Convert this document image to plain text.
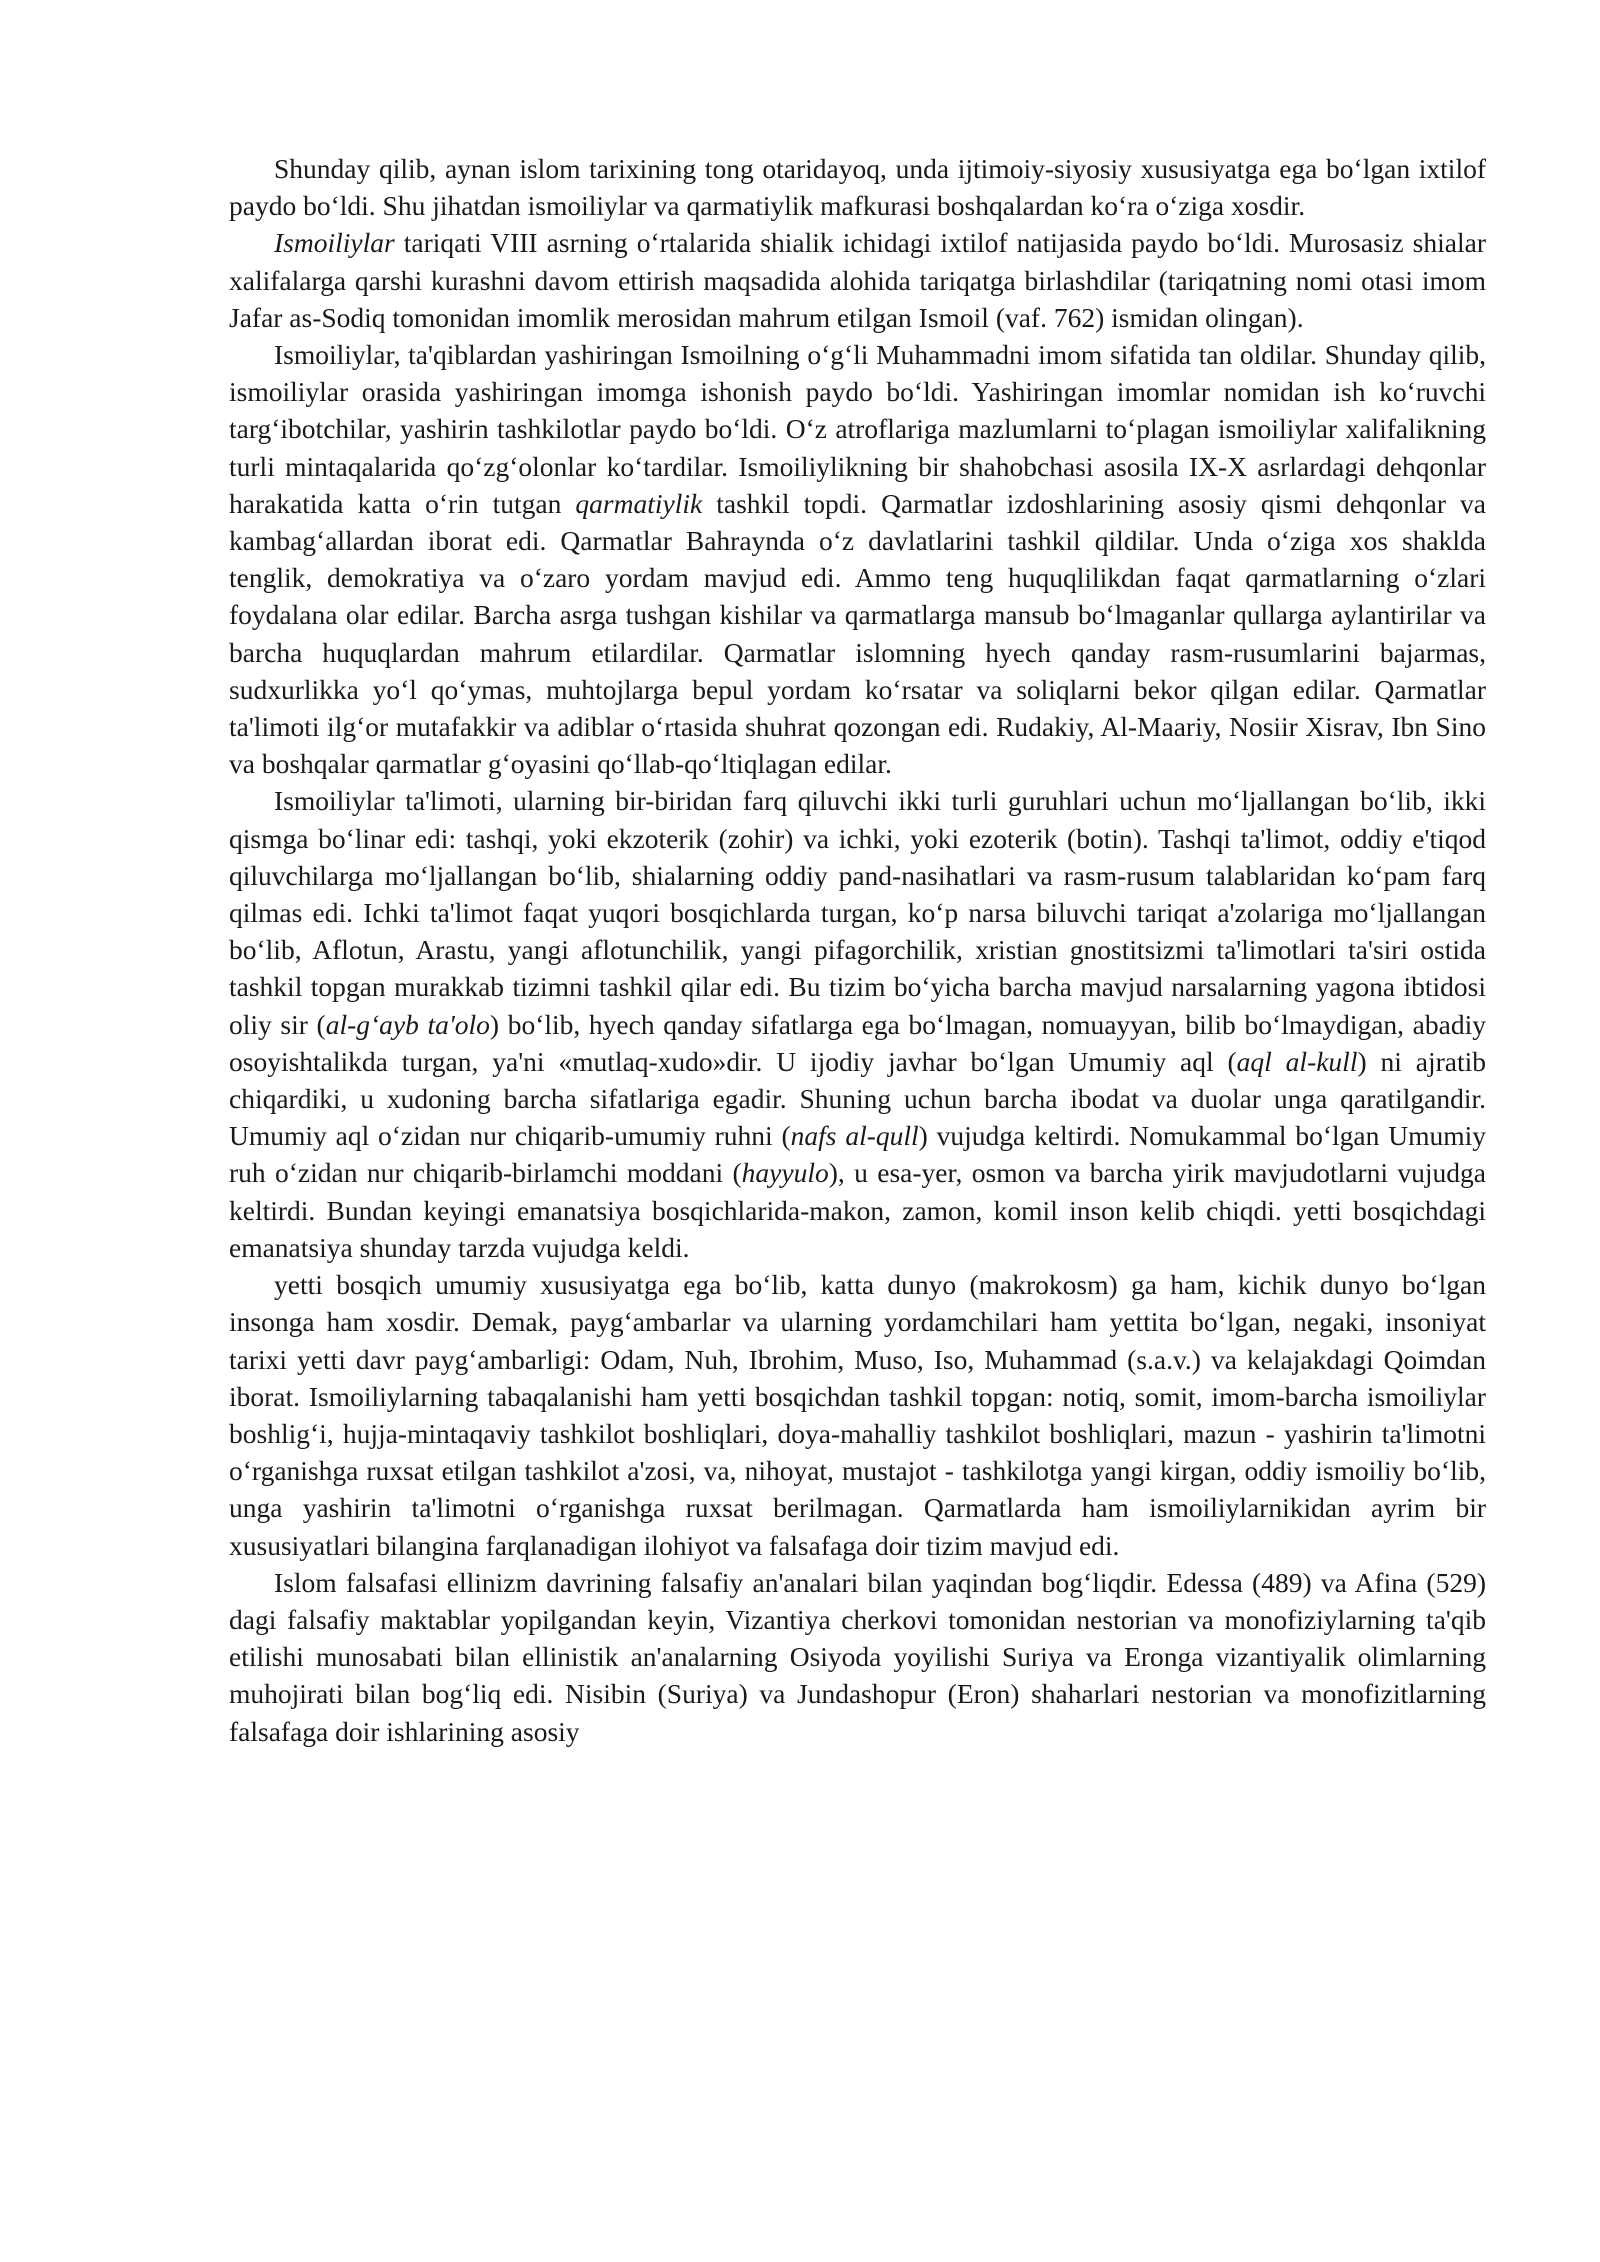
Shunday qilib, aynan islom tarixining tong otaridayoq, unda ijtimoiy-siyosiy xususiyatga ega bo‘lgan ixtilof paydo bo‘ldi. Shu jihatdan ismoiliylar va qarmatiylik mafkurasi boshqalardan ko‘ra o‘ziga xosdir.

Ismoiliylar tariqati VIII asrning o‘rtalarida shialik ichidagi ixtilof natijasida paydo bo‘ldi. Murosasiz shialar xalifalarga qarshi kurashni davom ettirish maqsadida alohida tariqatga birlashdilar (tariqatning nomi otasi imom Jafar as-Sodiq tomonidan imomlik merosidan mahrum etilgan Ismoil (vaf. 762) ismidan olingan).

Ismoiliylar, ta'qiblardan yashiringan Ismoilning o‘g‘li Muhammadni imom sifatida tan oldilar. Shunday qilib, ismoiliylar orasida yashiringan imomga ishonish paydo bo‘ldi. Yashiringan imomlar nomidan ish ko‘ruvchi targ‘ibotchilar, yashirin tashkilotlar paydo bo‘ldi. O‘z atroflariga mazlumlarni to‘plagan ismoiliylar xalifalikning turli mintaqalarida qo‘zg‘olonlar ko‘tardilar. Ismoiliylikning bir shahobchasi asosila IX-X asrlardagi dehqonlar harakatida katta o‘rin tutgan qarmatiylik tashkil topdi. Qarmatlar izdoshlarining asosiy qismi dehqonlar va kambag‘allardan iborat edi. Qarmatlar Bahraynda o‘z davlatlarini tashkil qildilar. Unda o‘ziga xos shaklda tenglik, demokratiya va o‘zaro yordam mavjud edi. Ammo teng huquqlilikdan faqat qarmatlarning o‘zlari foydalana olar edilar. Barcha asrga tushgan kishilar va qarmatlarga mansub bo‘lmaganlar qullarga aylantirilar va barcha huquqlardan mahrum etilardilar. Qarmatlar islomning hyech qanday rasm-rusumlarini bajarmas, sudxurlikka yo‘l qo‘ymas, muhtojlarga bepul yordam ko‘rsatar va soliqlarni bekor qilgan edilar. Qarmatlar ta'limoti ilg‘or mutafakkir va adiblar o‘rtasida shuhrat qozongan edi. Rudakiy, Al-Maariy, Nosiir Xisrav, Ibn Sino va boshqalar qarmatlar g‘oyasini qo‘llab-qo‘ltiqlagan edilar.

Ismoiliylar ta'limoti, ularning bir-biridan farq qiluvchi ikki turli guruhlari uchun mo‘ljallangan bo‘lib, ikki qismga bo‘linar edi: tashqi, yoki ekzoterik (zohir) va ichki, yoki ezoterik (botin). Tashqi ta'limot, oddiy e'tiqod qiluvchilarga mo‘ljallangan bo‘lib, shialarning oddiy pand-nasihatlari va rasm-rusum talablaridan ko‘pam farq qilmas edi. Ichki ta'limot faqat yuqori bosqichlarda turgan, ko‘p narsa biluvchi tariqat a'zolariga mo‘ljallangan bo‘lib, Aflotun, Arastu, yangi aflotunchilik, yangi pifagorchilik, xristian gnostitsizmi ta'limotlari ta'siri ostida tashkil topgan murakkab tizimni tashkil qilar edi. Bu tizim bo‘yicha barcha mavjud narsalarning yagona ibtidosi oliy sir (al-g‘ayb ta'olo) bo‘lib, hyech qanday sifatlarga ega bo‘lmagan, nomuayyan, bilib bo‘lmaydigan, abadiy osoyishtalikda turgan, ya'ni «mutlaq-xudo»dir. U ijodiy javhar bo‘lgan Umumiy aql (aql al-kull) ni ajratib chiqardiki, u xudoning barcha sifatlariga egadir. Shuning uchun barcha ibodat va duolar unga qaratilgandir. Umumiy aql o‘zidan nur chiqarib-umumiy ruhni (nafs al-qull) vujudga keltirdi. Nomukammal bo‘lgan Umumiy ruh o‘zidan nur chiqarib-birlamchi moddani (hayyulo), u esa-yer, osmon va barcha yirik mavjudotlarni vujudga keltirdi. Bundan keyingi emanatsiya bosqichlarida-makon, zamon, komil inson kelib chiqdi. yetti bosqichdagi emanatsiya shunday tarzda vujudga keldi.

yetti bosqich umumiy xususiyatga ega bo‘lib, katta dunyo (makrokosm) ga ham, kichik dunyo bo‘lgan insonga ham xosdir. Demak, payg‘ambarlar va ularning yordamchilari ham yettita bo‘lgan, negaki, insoniyat tarixi yetti davr payg‘ambarligi: Odam, Nuh, Ibrohim, Muso, Iso, Muhammad (s.a.v.) va kelajakdagi Qoimdan iborat. Ismoiliylarning tabaqalanishi ham yetti bosqichdan tashkil topgan: notiq, somit, imom-barcha ismoiliylar boshlig‘i, hujja-mintaqaviy tashkilot boshliqlari, doya-mahalliy tashkilot boshliqlari, mazun - yashirin ta'limotni o‘rganishga ruxsat etilgan tashkilot a'zosi, va, nihoyat, mustajot - tashkilotga yangi kirgan, oddiy ismoiliy bo‘lib, unga yashirin ta'limotni o‘rganishga ruxsat berilmagan. Qarmatlarda ham ismoiliylarnikidan ayrim bir xususiyatlari bilangina farqlanadigan ilohiyot va falsafaga doir tizim mavjud edi.

Islom falsafasi ellinizm davrining falsafiy an'analari bilan yaqindan bog‘liqdir. Edessa (489) va Afina (529) dagi falsafiy maktablar yopilgandan keyin, Vizantiya cherkovi tomonidan nestorian va monofiziylarning ta'qib etilishi munosabati bilan ellinistik an'analarning Osiyoda yoyilishi Suriya va Eronga vizantiyalik olimlarning muhojirati bilan bog‘liq edi. Nisibin (Suriya) va Jundashopur (Eron) shaharlari nestorian va monofizitlarning falsafaga doir ishlarining asosiy
